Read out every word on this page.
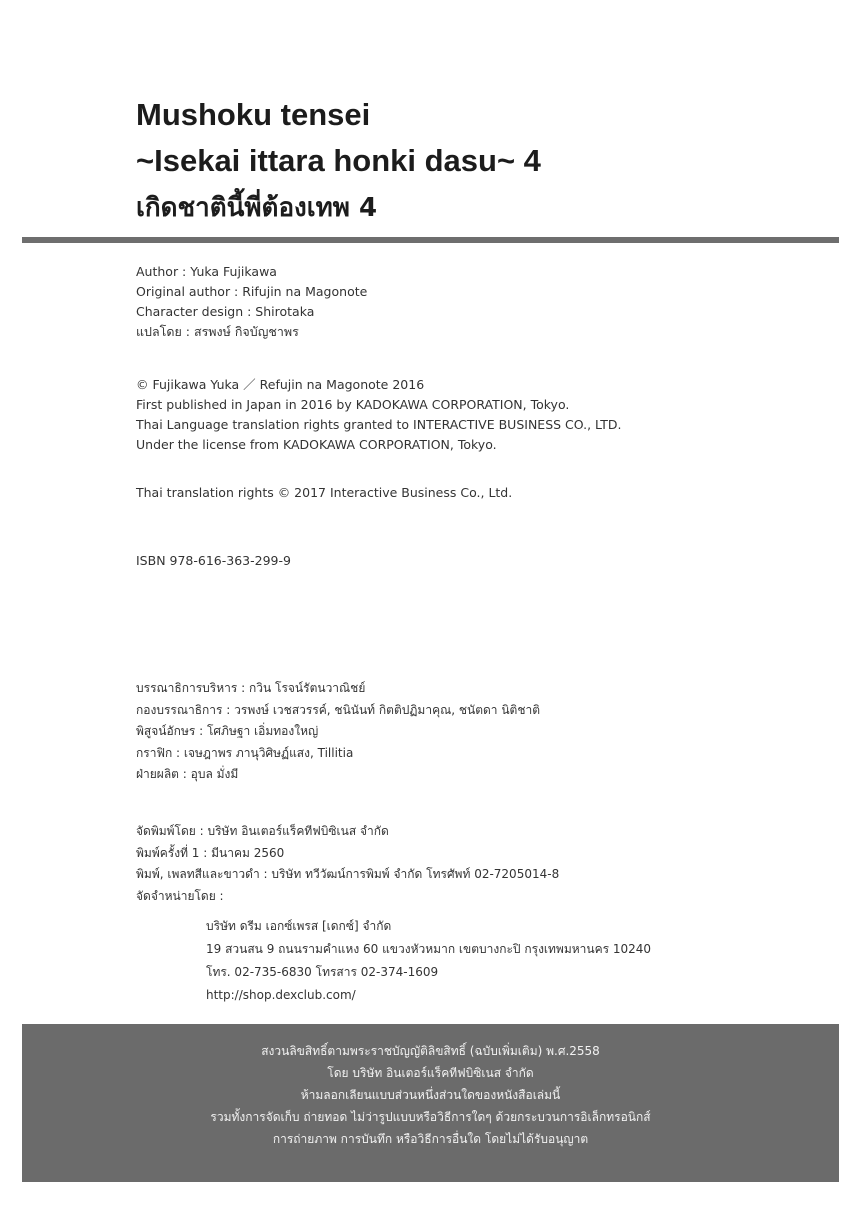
Mushoku tensei
~Isekai ittara honki dasu~ 4
เกิดชาตินี้พี่ต้องเทพ 4
Author : Yuka Fujikawa
Original author : Rifujin na Magonote
Character design : Shirotaka
แปลโดย : สรพงษ์ กิจบัญชาพร
© Fujikawa Yuka ／ Refujin na Magonote 2016
First published in Japan in 2016 by KADOKAWA CORPORATION, Tokyo.
Thai Language translation rights granted to INTERACTIVE BUSINESS CO., LTD.
Under the license from KADOKAWA CORPORATION, Tokyo.
Thai translation rights © 2017 Interactive Business Co., Ltd.
ISBN 978-616-363-299-9
บรรณาธิการบริหาร : กวิน โรจน์รัตนวาณิชย์
กองบรรณาธิการ : วรพงษ์ เวชสวรรค์, ชนินันท์ กิตติปฏิมาคุณ, ชนัตดา นิติชาติ
พิสูจน์อักษร : โศภิษฐา เอิ่มทองใหญ่
กราฟิก : เจษฎาพร ภานุวิศิษฏ์แสง, Tillitia
ฝ่ายผลิต : อุบล มั่งมี
จัดพิมพ์โดย : บริษัท อินเตอร์แร็คทีฟบิซิเนส จำกัด
พิมพ์ครั้งที่ 1 : มีนาคม 2560
พิมพ์, เพลทสีและขาวดำ : บริษัท ทวีวัฒน์การพิมพ์ จำกัด โทรศัพท์ 02-7205014-8
จัดจำหน่ายโดย :
บริษัท ดรีม เอกซ์เพรส [เดกซ์] จำกัด
19 สวนสน 9 ถนนรามคำแหง 60 แขวงหัวหมาก เขตบางกะปิ กรุงเทพมหานคร 10240
โทร. 02-735-6830 โทรสาร 02-374-1609
http://shop.dexclub.com/
สงวนลิขสิทธิ์ตามพระราชบัญญัติลิขสิทธิ์ (ฉบับเพิ่มเติม) พ.ศ.2558
โดย บริษัท อินเตอร์แร็คทีฟบิซิเนส จำกัด
ห้ามลอกเลียนแบบส่วนหนึ่งส่วนใดของหนังสือเล่มนี้
รวมทั้งการจัดเก็บ ถ่ายทอด ไม่ว่ารูปแบบหรือวิธีการใดๆ ด้วยกระบวนการอิเล็กทรอนิกส์
การถ่ายภาพ การบันทึก หรือวิธีการอื่นใด โดยไม่ได้รับอนุญาต
